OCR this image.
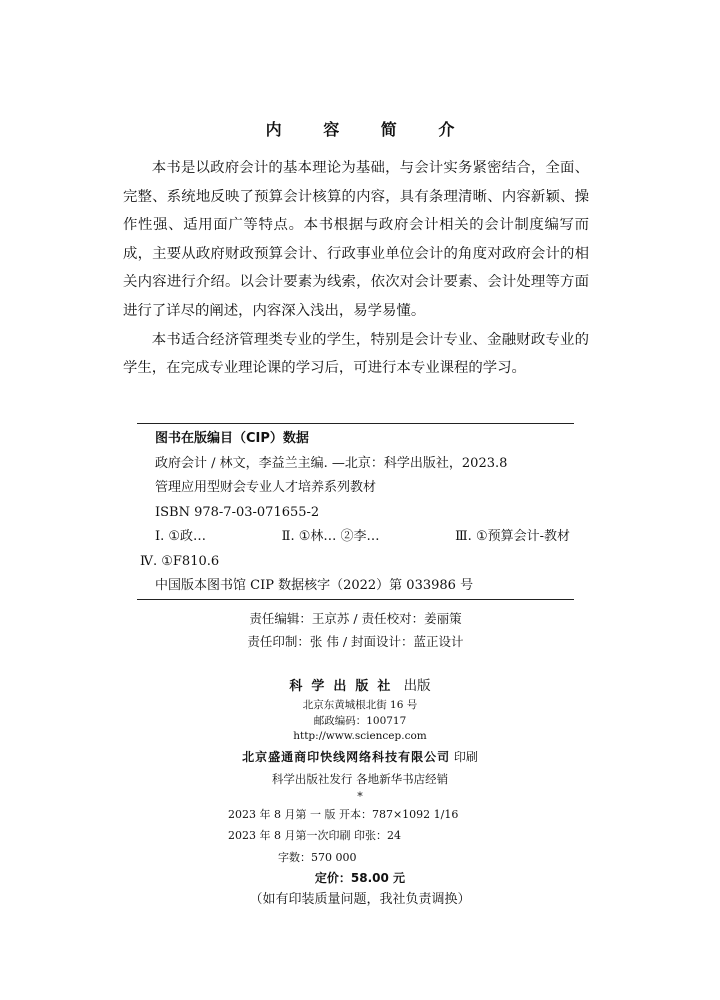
内 容 简 介

本书是以政府会计的基本理论为基础，与会计实务紧密结合，全面、完整、系统地反映了预算会计核算的内容，具有条理清晰、内容新颖、操作性强、适用面广等特点。本书根据与政府会计相关的会计制度编写而成，主要从政府财政预算会计、行政事业单位会计的角度对政府会计的相关内容进行介绍。以会计要素为线索，依次对会计要素、会计处理等方面进行了详尽的阐述，内容深入浅出，易学易懂。

本书适合经济管理类专业的学生，特别是会计专业、金融财政专业的学生，在完成专业理论课的学习后，可进行本专业课程的学习。

图书在版编目（CIP）数据
政府会计 / 林文，李益兰主编. —北京：科学出版社，2023.8
管理应用型财会专业人才培养系列教材
ISBN 978-7-03-071655-2
Ⅰ. ①政…	Ⅱ. ①林… ②李…	Ⅲ. ①预算会计-教材
Ⅳ. ①F810.6
中国版本图书馆 CIP 数据核字（2022）第 033986 号
责任编辑：王京苏 / 责任校对：姜丽策
责任印制：张 伟 / 封面设计：蓝正设计
科学出版社 出版
北京东黄城根北街 16 号
邮政编码：100717
http://www.sciencep.com
北京盛通商印快线网络科技有限公司 印刷
科学出版社发行 各地新华书店经销
*
2023 年 8 月第 一 版 开本：787×1092 1/16
2023 年 8 月第一次印刷 印张：24
字数：570 000
定价：58.00 元
（如有印装质量问题，我社负责调换）
